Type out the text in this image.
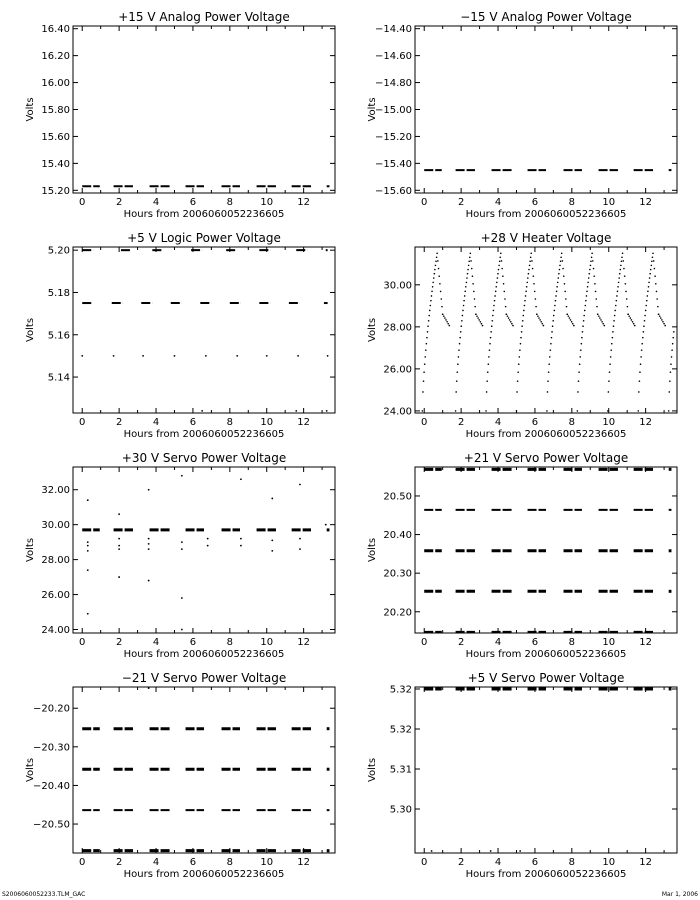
+15 V Analog Power Voltage
0	2	4	6	8	10 12
15.20
15.40
15.60
15.80
16.00
16.20
16.40
Hours from 2006060052236605
Volts
−15 V Analog Power Voltage
0	2	4	6	8	10 12
−14.40
−14.60
−14.80
−15.00
−15.20
−15.40
−15.60
Hours from 2006060052236605
Volts
+5 V Logic Power Voltage
0	2	4	6	8	10 12
5.14
5.16
5.18
5.20
Hours from 2006060052236605
Volts
+28 V Heater Voltage
0	2	4	6	8	10 12
24.00
26.00
28.00
30.00
Hours from 2006060052236605
Volts
+30 V Servo Power Voltage
0	2	4	6	8	10 12
24.00
26.00
28.00
30.00
32.00
Hours from 2006060052236605
Volts
+21 V Servo Power Voltage
0	2	4	6	8	10 12
20.20
20.30
20.40
20.50
Hours from 2006060052236605
Volts
−21 V Servo Power Voltage
0	2	4	6	8	10 12
−20.20
−20.30
−20.40
−20.50
Hours from 2006060052236605
Volts
+5 V Servo Power Voltage
0	2	4	6	8	10 12
5.30
5.31
5.32
5.32
Hours from 2006060052236605
Volts
S2006060052233.TLM_GAC	Mar 1, 2006
